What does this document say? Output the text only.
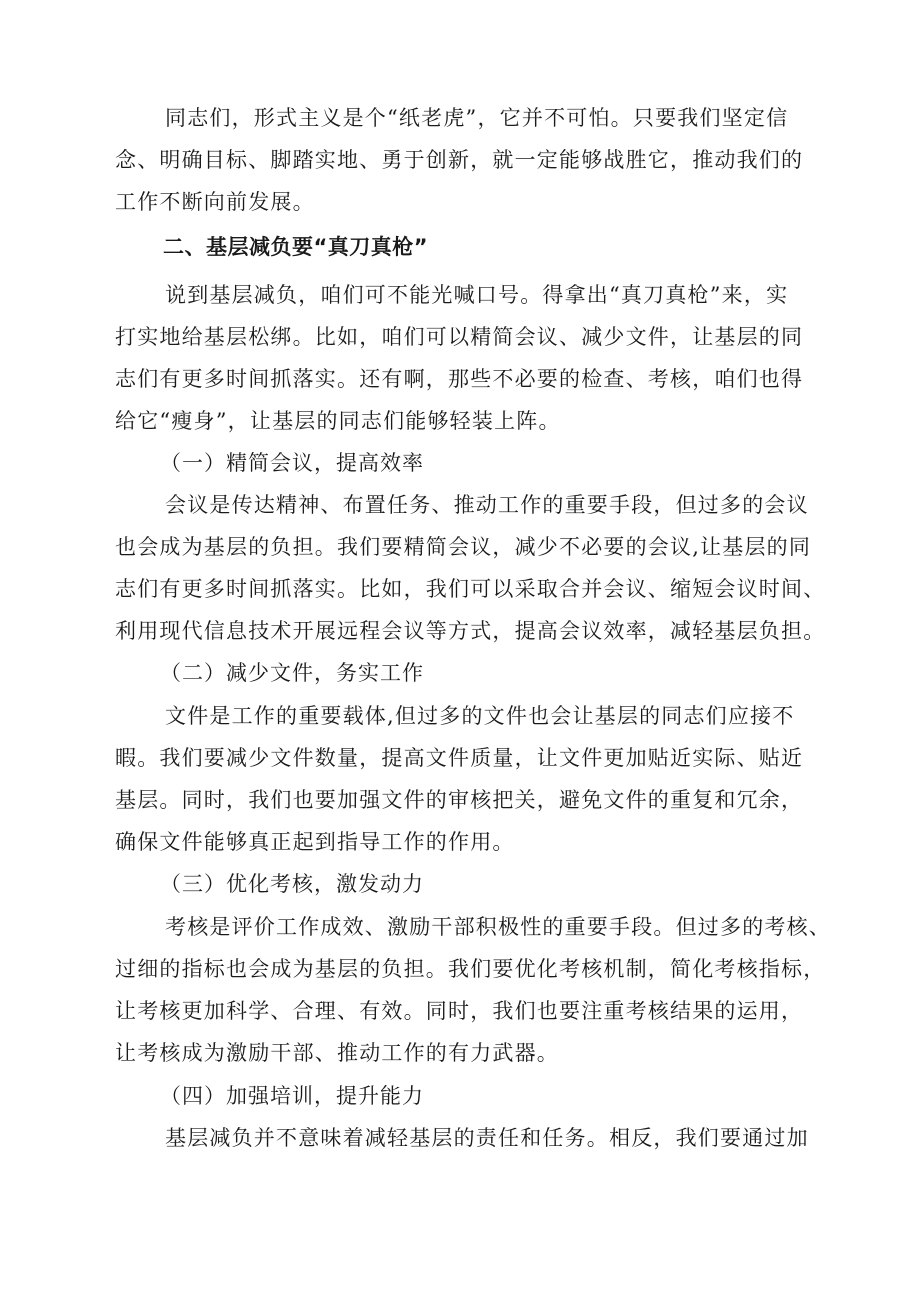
同志们，形式主义是个“纸老虎”，它并不可怕。只要我们坚定信
念、明确目标、脚踏实地、勇于创新，就一定能够战胜它，推动我们的
工作不断向前发展。
二、基层减负要“真刀真枪”
说到基层减负，咱们可不能光喊口号。得拿出“真刀真枪”来，实
打实地给基层松绑。比如，咱们可以精简会议、减少文件，让基层的同
志们有更多时间抓落实。还有啊，那些不必要的检查、考核，咱们也得
给它“瘦身”，让基层的同志们能够轻装上阵。
（一）精简会议，提高效率
会议是传达精神、布置任务、推动工作的重要手段，但过多的会议
也会成为基层的负担。我们要精简会议，减少不必要的会议,让基层的同
志们有更多时间抓落实。比如，我们可以采取合并会议、缩短会议时间、
利用现代信息技术开展远程会议等方式，提高会议效率，减轻基层负担。
（二）减少文件，务实工作
文件是工作的重要载体,但过多的文件也会让基层的同志们应接不
暇。我们要减少文件数量，提高文件质量，让文件更加贴近实际、贴近
基层。同时，我们也要加强文件的审核把关，避免文件的重复和冗余，
确保文件能够真正起到指导工作的作用。
（三）优化考核，激发动力
考核是评价工作成效、激励干部积极性的重要手段。但过多的考核、
过细的指标也会成为基层的负担。我们要优化考核机制，简化考核指标，
让考核更加科学、合理、有效。同时，我们也要注重考核结果的运用，
让考核成为激励干部、推动工作的有力武器。
（四）加强培训，提升能力
基层减负并不意味着减轻基层的责任和任务。相反，我们要通过加
